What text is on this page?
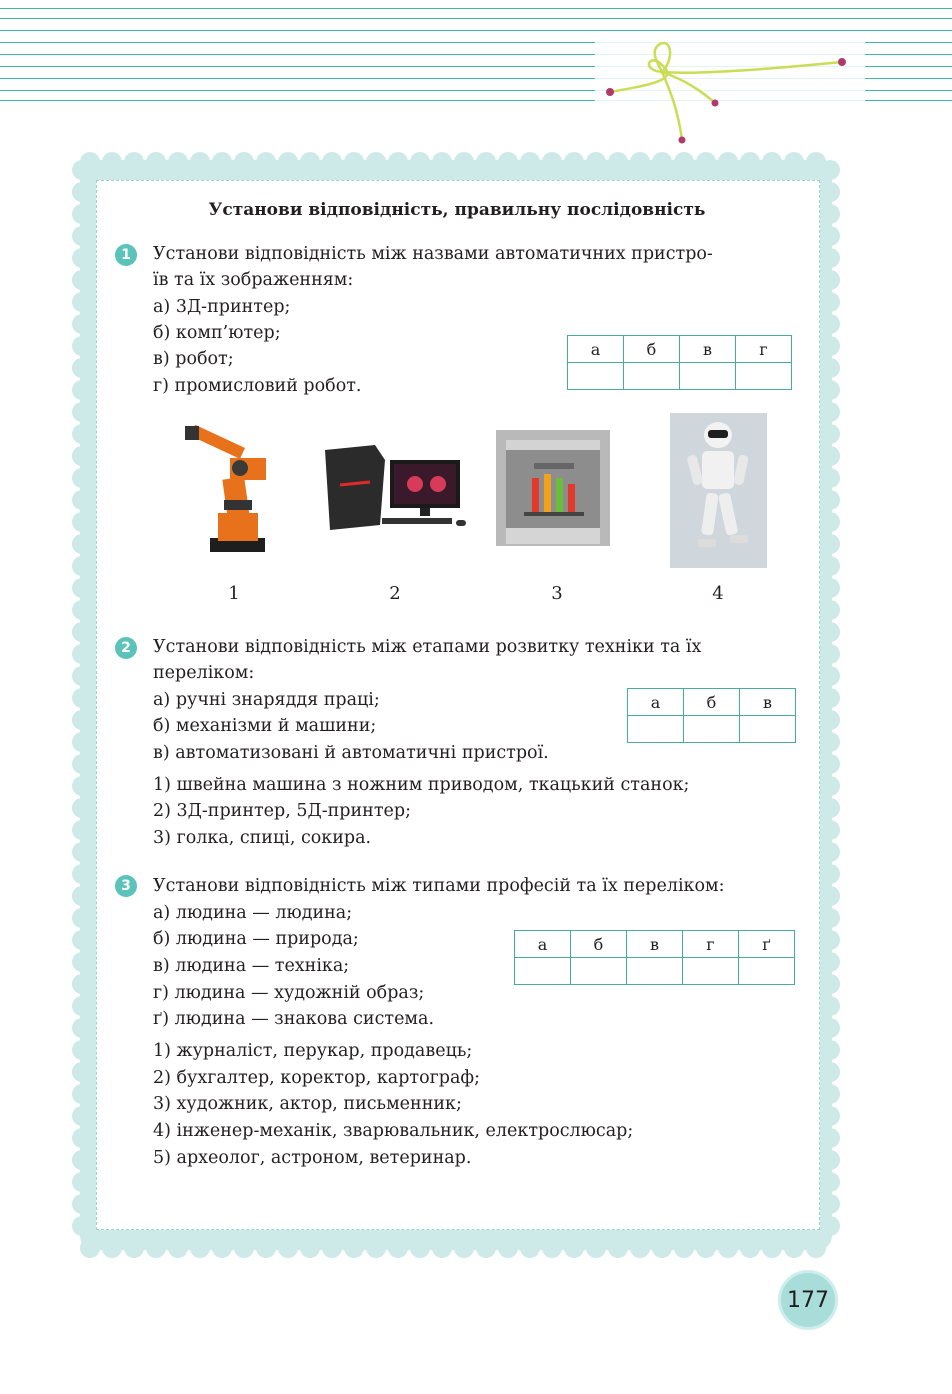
Установи відповідність, правильну послідовність
1	Установи відповідність між назвами автоматичних пристро-
їв та їх зображенням:
а) 3Д-принтер;
б) комп’ютер;
в) робот;
г) промисловий робот.
а	б	в	г

1	2	3	4
2	Установи відповідність між етапами розвитку техніки та їх
переліком:
а) ручні знаряддя праці;
б) механізми й машини;
в) автоматизовані й автоматичні пристрої.
а	б	в

1) швейна машина з ножним приводом, ткацький станок;
2) 3Д-принтер, 5Д-принтер;
3) голка, спиці, сокира.
3	Установи відповідність між типами професій та їх переліком:
а) людина — людина;
б) людина — природа;
в) людина — техніка;
г) людина — художній образ;
ґ) людина — знакова система.
а	б	в	г	ґ

1) журналіст, перукар, продавець;
2) бухгалтер, коректор, картограф;
3) художник, актор, письменник;
4) інженер-механік, зварювальник, електрослюсар;
5) археолог, астроном, ветеринар.
177
